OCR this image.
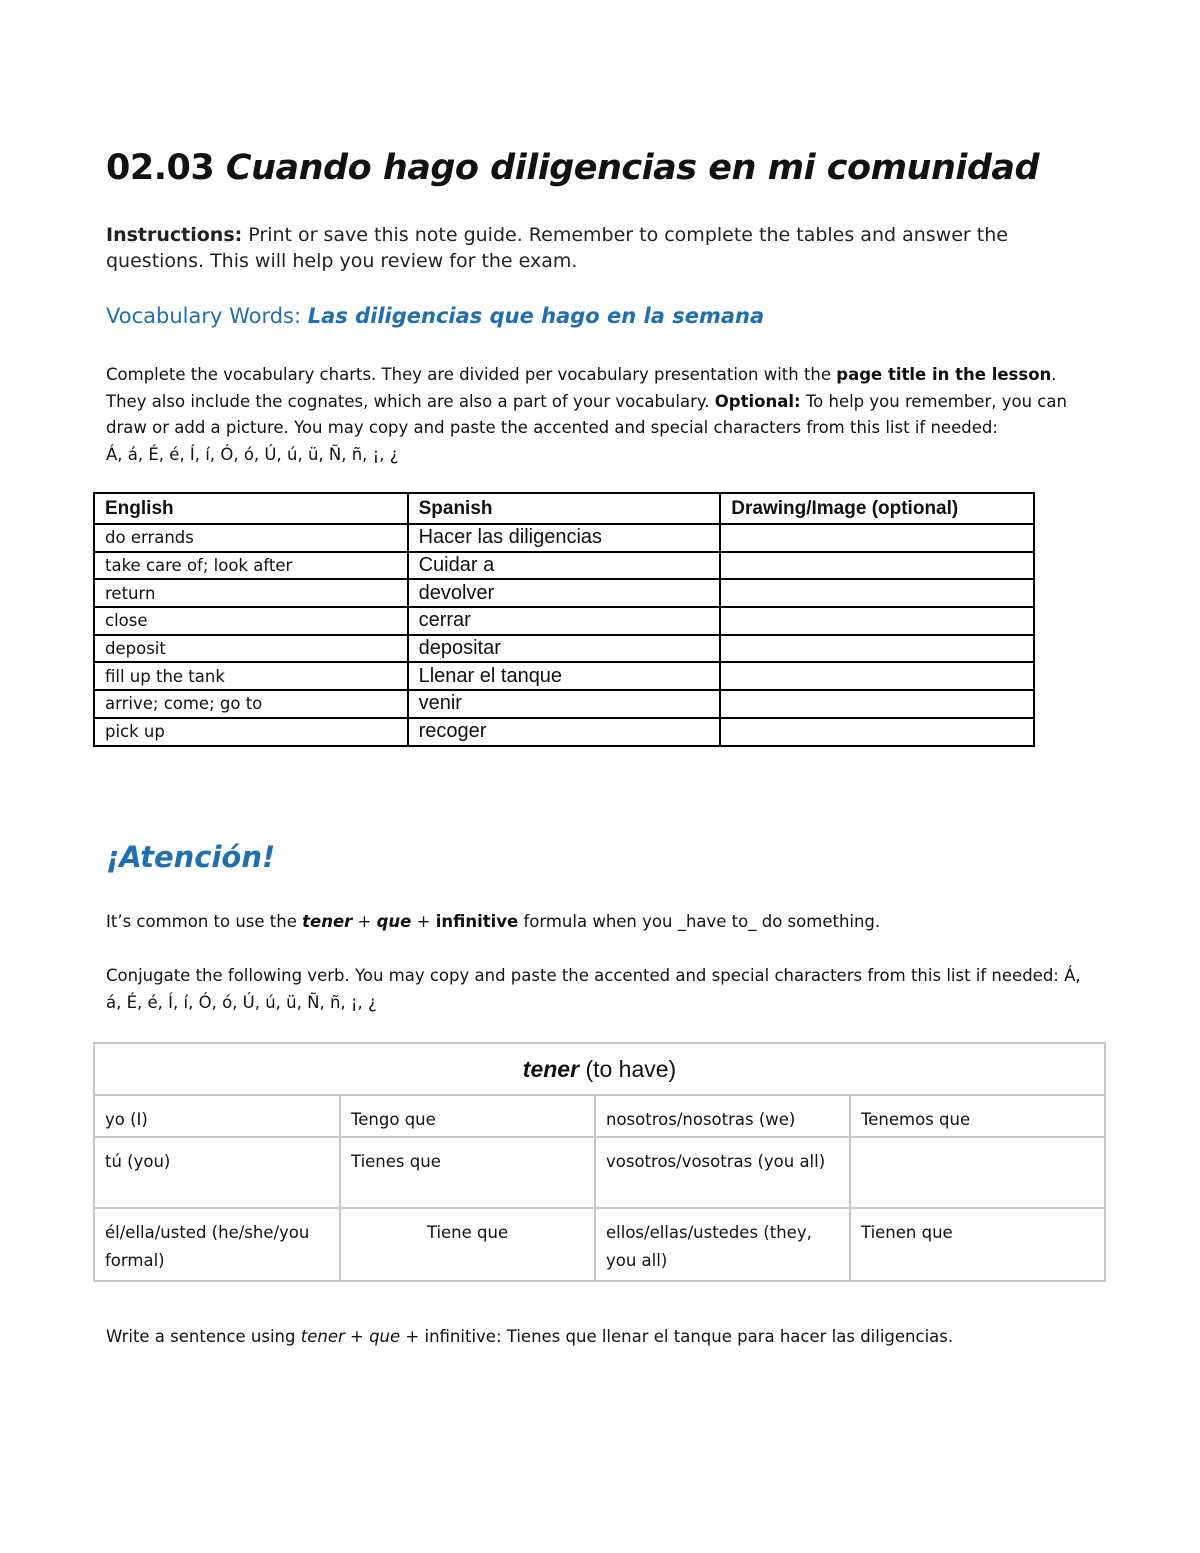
02.03 Cuando hago diligencias en mi comunidad

Instructions: Print or save this note guide. Remember to complete the tables and answer the questions. This will help you review for the exam.

Vocabulary Words: Las diligencias que hago en la semana

Complete the vocabulary charts. They are divided per vocabulary presentation with the page title in the lesson. They also include the cognates, which are also a part of your vocabulary. Optional: To help you remember, you can draw or add a picture. You may copy and paste the accented and special characters from this list if needed:
Á, á, É, é, Í, í, Ó, ó, Ú, ú, ü, Ñ, ñ, ¡, ¿

English	Spanish	Drawing/Image (optional)
do errands	Hacer las diligencias	
take care of; look after	Cuidar a	
return	devolver	
close	cerrar	
deposit	depositar	
fill up the tank	Llenar el tanque	
arrive; come; go to	venir	
pick up	recoger	
¡Atención!

It’s common to use the tener + que + infinitive formula when you _have to_ do something.

Conjugate the following verb. You may copy and paste the accented and special characters from this list if needed: Á, á, É, é, Í, í, Ó, ó, Ú, ú, ü, Ñ, ñ, ¡, ¿

tener (to have)			
yo (I)	Tengo que	nosotros/nosotras (we)	Tenemos que
tú (you)	Tienes que	vosotros/vosotras (you all)	
él/ella/usted (he/she/you formal)	Tiene que	ellos/ellas/ustedes (they, you all)	Tienen que

Write a sentence using tener + que + infinitive: Tienes que llenar el tanque para hacer las diligencias.
